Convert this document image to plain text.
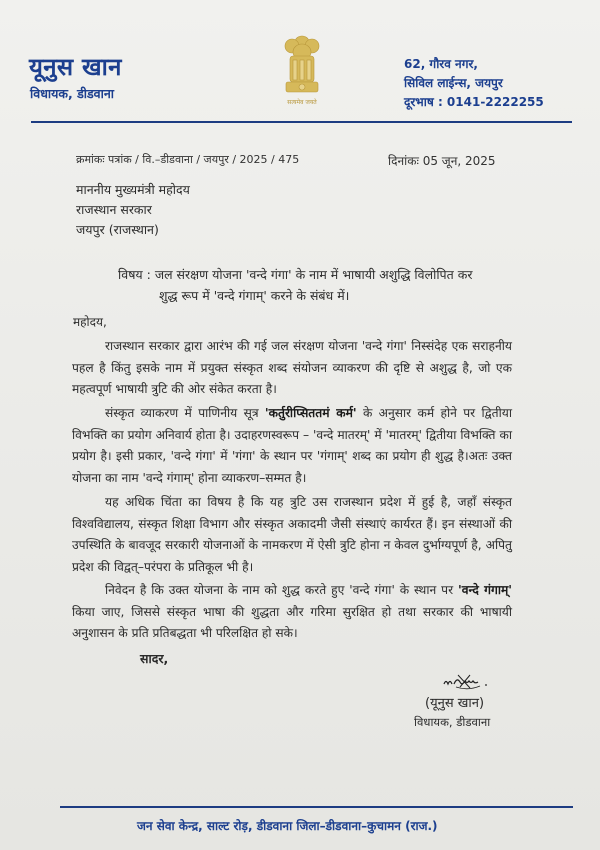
यूनुस खान
विधायक, डीडवाना
सत्यमेव जयते
62, गौरव नगर,
सिविल लाईन्स, जयपुर
दूरभाष : 0141-2222255
क्रमांकः पत्रांक / वि.–डीडवाना / जयपुर / 2025 / 475	दिनांकः 05 जून, 2025
माननीय मुख्यमंत्री महोदय
राजस्थान सरकार
जयपुर (राजस्थान)
विषय : जल संरक्षण योजना 'वन्दे गंगा' के नाम में भाषायी अशुद्धि विलोपित कर
शुद्ध रूप में 'वन्दे गंगाम्' करने के संबंध में।
महोदय,
राजस्थान सरकार द्वारा आरंभ की गई जल संरक्षण योजना 'वन्दे गंगा' निस्संदेह एक सराहनीय पहल है किंतु इसके नाम में प्रयुक्त संस्कृत शब्द संयोजन व्याकरण की दृष्टि से अशुद्ध है, जो एक महत्वपूर्ण भाषायी त्रुटि की ओर संकेत करता है।
संस्कृत व्याकरण में पाणिनीय सूत्र 'कर्तुरीप्सिततमं कर्म' के अनुसार कर्म होने पर द्वितीया विभक्ति का प्रयोग अनिवार्य होता है। उदाहरणस्वरूप – 'वन्दे मातरम्' में 'मातरम्' द्वितीया विभक्ति का प्रयोग है। इसी प्रकार, 'वन्दे गंगा' में 'गंगा' के स्थान पर 'गंगाम्' शब्द का प्रयोग ही शुद्ध है।अतः उक्त योजना का नाम 'वन्दे गंगाम्' होना व्याकरण–सम्मत है।
यह अधिक चिंता का विषय है कि यह त्रुटि उस राजस्थान प्रदेश में हुई है, जहाँ संस्कृत विश्वविद्यालय, संस्कृत शिक्षा विभाग और संस्कृत अकादमी जैसी संस्थाएं कार्यरत हैं। इन संस्थाओं की उपस्थिति के बावजूद सरकारी योजनाओं के नामकरण में ऐसी त्रुटि होना न केवल दुर्भाग्यपूर्ण है, अपितु प्रदेश की विद्वत्–परंपरा के प्रतिकूल भी है।
निवेदन है कि उक्त योजना के नाम को शुद्ध करते हुए 'वन्दे गंगा' के स्थान पर 'वन्दे गंगाम्' किया जाए, जिससे संस्कृत भाषा की शुद्धता और गरिमा सुरक्षित हो तथा सरकार की भाषायी अनुशासन के प्रति प्रतिबद्धता भी परिलक्षित हो सके।
सादर,
(यूनुस खान)
विधायक, डीडवाना
जन सेवा केन्द्र, साल्ट रोड़, डीडवाना जिला–डीडवाना–कुचामन (राज.)
